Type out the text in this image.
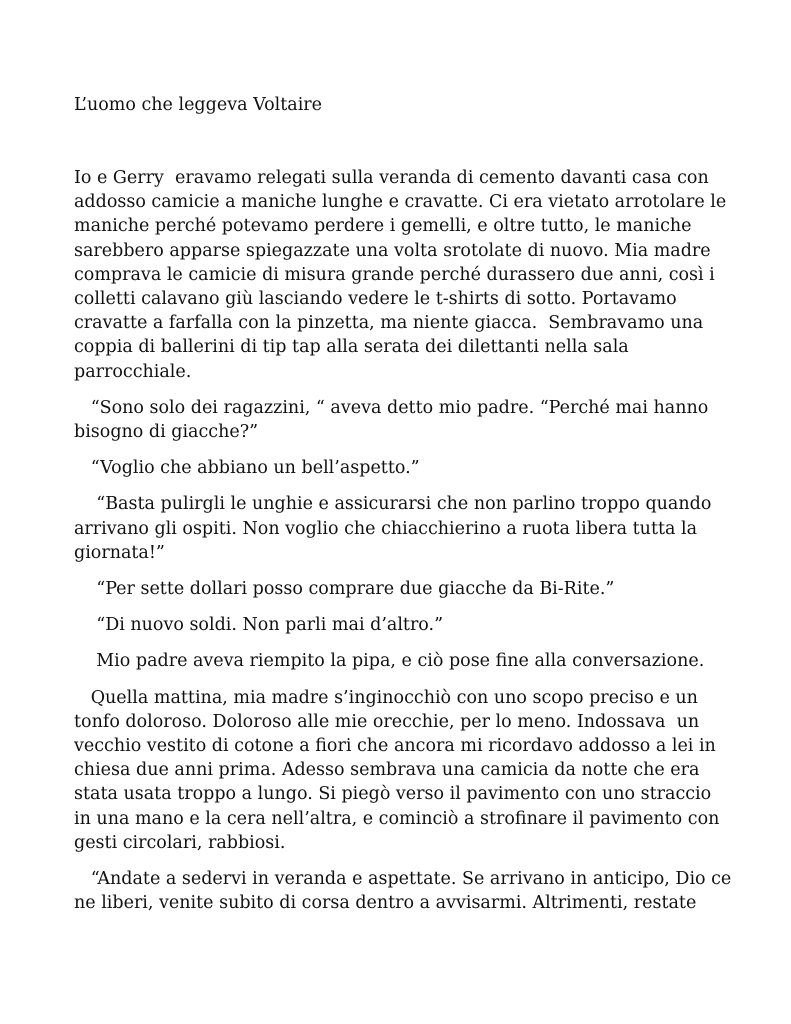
L’uomo che leggeva Voltaire
Io e Gerry  eravamo relegati sulla veranda di cemento davanti casa con
addosso camicie a maniche lunghe e cravatte. Ci era vietato arrotolare le
maniche perché potevamo perdere i gemelli, e oltre tutto, le maniche
sarebbero apparse spiegazzate una volta srotolate di nuovo. Mia madre
comprava le camicie di misura grande perché durassero due anni, così i
colletti calavano giù lasciando vedere le t-shirts di sotto. Portavamo
cravatte a farfalla con la pinzetta, ma niente giacca.  Sembravamo una
coppia di ballerini di tip tap alla serata dei dilettanti nella sala
parrocchiale.
“Sono solo dei ragazzini, “ aveva detto mio padre. “Perché mai hanno
bisogno di giacche?”
“Voglio che abbiano un bell’aspetto.”
“Basta pulirgli le unghie e assicurarsi che non parlino troppo quando
arrivano gli ospiti. Non voglio che chiacchierino a ruota libera tutta la
giornata!”
“Per sette dollari posso comprare due giacche da Bi-Rite.”
“Di nuovo soldi. Non parli mai d’altro.”
Mio padre aveva riempito la pipa, e ciò pose fine alla conversazione.
Quella mattina, mia madre s’inginocchiò con uno scopo preciso e un
tonfo doloroso. Doloroso alle mie orecchie, per lo meno. Indossava  un
vecchio vestito di cotone a fiori che ancora mi ricordavo addosso a lei in
chiesa due anni prima. Adesso sembrava una camicia da notte che era
stata usata troppo a lungo. Si piegò verso il pavimento con uno straccio
in una mano e la cera nell’altra, e cominciò a strofinare il pavimento con
gesti circolari, rabbiosi.
“Andate a sedervi in veranda e aspettate. Se arrivano in anticipo, Dio ce
ne liberi, venite subito di corsa dentro a avvisarmi. Altrimenti, restate
